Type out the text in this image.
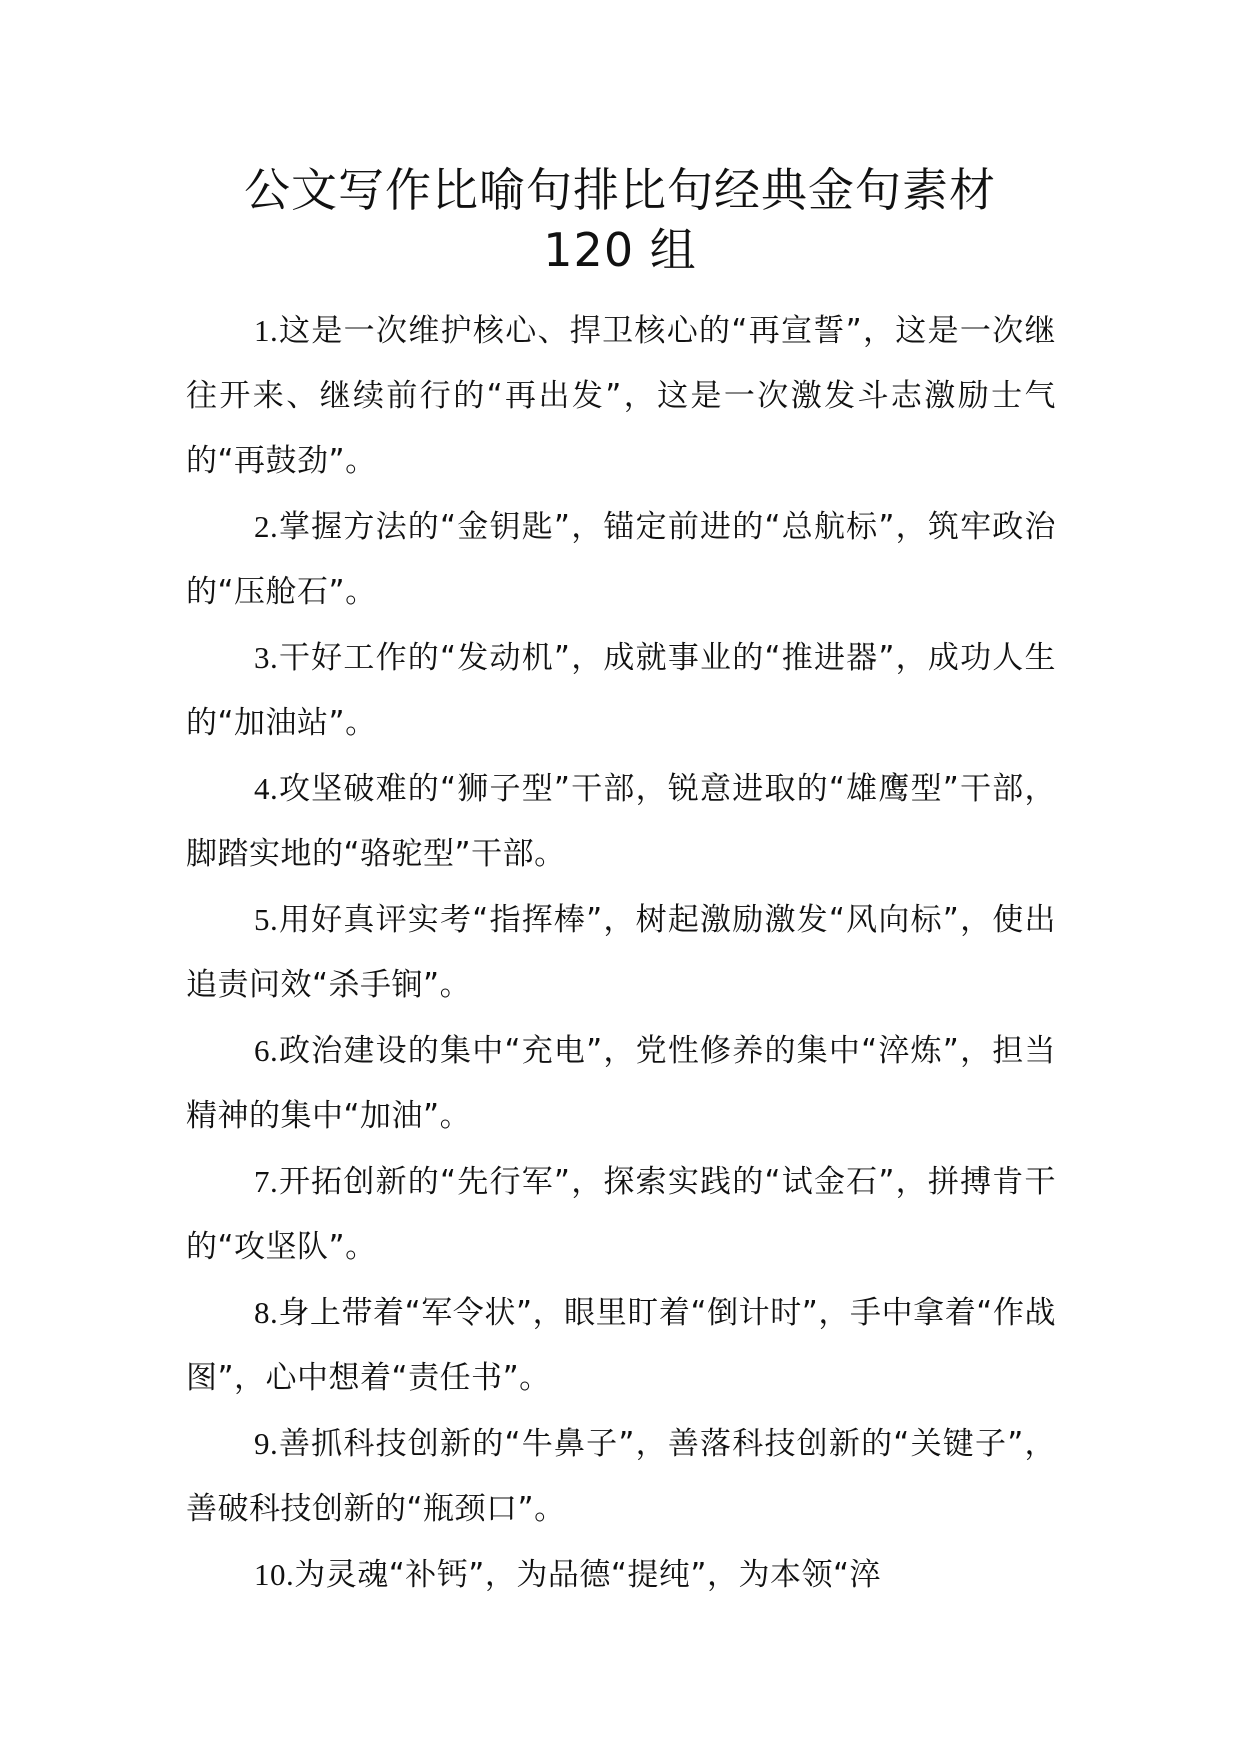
公文写作比喻句排比句经典金句素材
120 组

1.这是一次维护核心、捍卫核心的“再宣誓”，这是一次继往开来、继续前行的“再出发”，这是一次激发斗志激励士气的“再鼓劲”。

2.掌握方法的“金钥匙”，锚定前进的“总航标”，筑牢政治的“压舱石”。

3.干好工作的“发动机”，成就事业的“推进器”，成功人生的“加油站”。

4.攻坚破难的“狮子型”干部，锐意进取的“雄鹰型”干部，脚踏实地的“骆驼型”干部。

5.用好真评实考“指挥棒”，树起激励激发“风向标”，使出追责问效“杀手锏”。

6.政治建设的集中“充电”，党性修养的集中“淬炼”，担当精神的集中“加油”。

7.开拓创新的“先行军”，探索实践的“试金石”，拼搏肯干的“攻坚队”。

8.身上带着“军令状”，眼里盯着“倒计时”，手中拿着“作战图”，心中想着“责任书”。

9.善抓科技创新的“牛鼻子”，善落科技创新的“关键子”，善破科技创新的“瓶颈口”。

10.为灵魂“补钙”，为品德“提纯”，为本领“淬
